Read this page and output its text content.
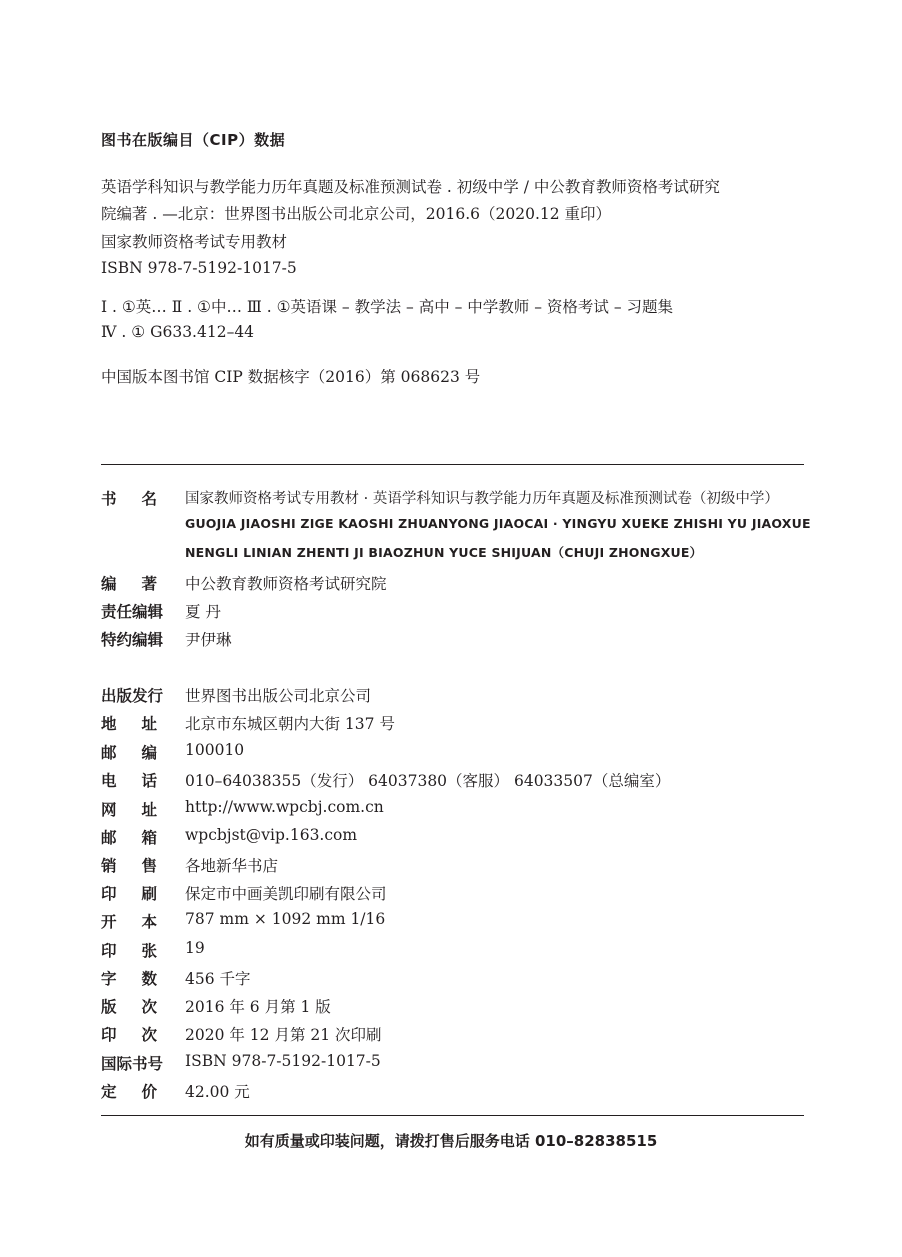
图书在版编目（CIP）数据
英语学科知识与教学能力历年真题及标准预测试卷 . 初级中学 / 中公教育教师资格考试研究
院编著 . —北京：世界图书出版公司北京公司，2016.6（2020.12 重印）
国家教师资格考试专用教材
ISBN 978-7-5192-1017-5
Ⅰ . ①英… Ⅱ . ①中… Ⅲ . ①英语课 – 教学法 – 高中 – 中学教师 – 资格考试 – 习题集
Ⅳ . ① G633.412–44
中国版本图书馆 CIP 数据核字（2016）第 068623 号
书 名 国家教师资格考试专用教材 · 英语学科知识与教学能力历年真题及标准预测试卷（初级中学）
GUOJIA JIAOSHI ZIGE KAOSHI ZHUANYONG JIAOCAI · YINGYU XUEKE ZHISHI YU JIAOXUE
NENGLI LINIAN ZHENTI JI BIAOZHUN YUCE SHIJUAN（CHUJI ZHONGXUE）
编 著 中公教育教师资格考试研究院
责任编辑	夏 丹
特约编辑	尹伊琳
出版发行	世界图书出版公司北京公司
地 址 北京市东城区朝内大街 137 号
邮 编 100010
电 话 010–64038355（发行） 64037380（客服） 64033507（总编室）
网 址 http://www.wpcbj.com.cn
邮 箱 wpcbjst@vip.163.com
销 售 各地新华书店
印 刷 保定市中画美凯印刷有限公司
开 本 787 mm × 1092 mm 1/16
印 张 19
字 数 456 千字
版 次 2016 年 6 月第 1 版
印 次 2020 年 12 月第 21 次印刷
国际书号	ISBN 978-7-5192-1017-5
定 价 42.00 元
如有质量或印装问题，请拨打售后服务电话 010–82838515
